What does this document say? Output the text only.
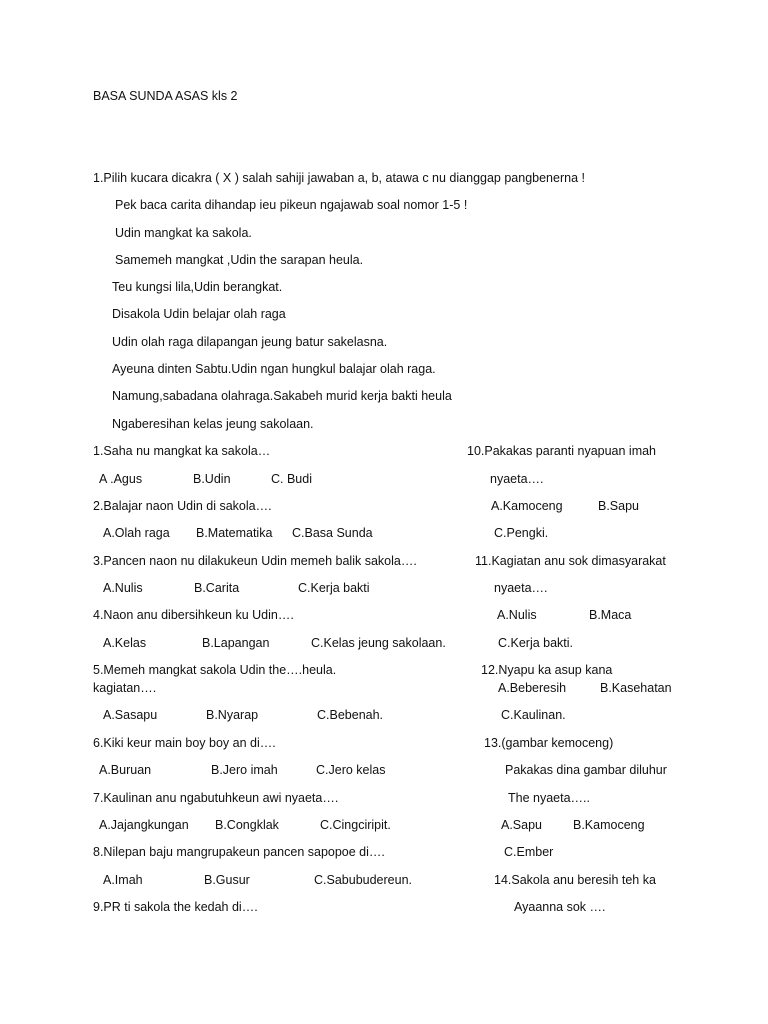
BASA SUNDA ASAS kls 2
1.Pilih kucara dicakra ( X ) salah sahiji jawaban a, b, atawa c nu dianggap pangbenerna !
Pek baca carita dihandap ieu pikeun ngajawab soal nomor 1-5 !
Udin mangkat ka sakola.
Samemeh mangkat ,Udin the sarapan heula.
Teu kungsi lila,Udin berangkat.
Disakola Udin belajar olah raga
Udin olah raga dilapangan jeung batur sakelasna.
Ayeuna dinten Sabtu.Udin ngan hungkul balajar olah raga.
Namung,sabadana olahraga.Sakabeh murid kerja bakti heula
Ngaberesihan kelas jeung sakolaan.
1.Saha nu mangkat ka sakola…
A .Agus	B.Udin	C. Budi
2.Balajar naon Udin di sakola….
A.Olah raga B.Matematika C.Basa Sunda
3.Pancen naon nu dilakukeun Udin memeh balik sakola….
A.Nulis	B.Carita	C.Kerja bakti
4.Naon anu dibersihkeun ku Udin….
A.Kelas	B.Lapangan	C.Kelas jeung sakolaan.
5.Memeh mangkat sakola Udin the….heula.
kagiatan….
A.Sasapu	B.Nyarap	C.Bebenah.
6.Kiki keur main boy boy an di….
A.Buruan	B.Jero imah	C.Jero kelas
7.Kaulinan anu ngabutuhkeun awi nyaeta….
A.Jajangkungan B.Congklak	C.Cingciripit.
8.Nilepan baju mangrupakeun pancen sapopoe di….
A.Imah	B.Gusur	C.Sabubudereun.
9.PR ti sakola the kedah di….
10.Pakakas paranti nyapuan imah
nyaeta….
A.Kamoceng	B.Sapu
C.Pengki.
11.Kagiatan anu sok dimasyarakat
nyaeta….
A.Nulis	B.Maca
C.Kerja bakti.
12.Nyapu ka asup kana
A.Beberesih	B.Kasehatan
C.Kaulinan.
13.(gambar kemoceng)
Pakakas dina gambar diluhur
The nyaeta…..
A.Sapu B.Kamoceng
C.Ember
14.Sakola anu beresih teh ka
Ayaanna sok ….
